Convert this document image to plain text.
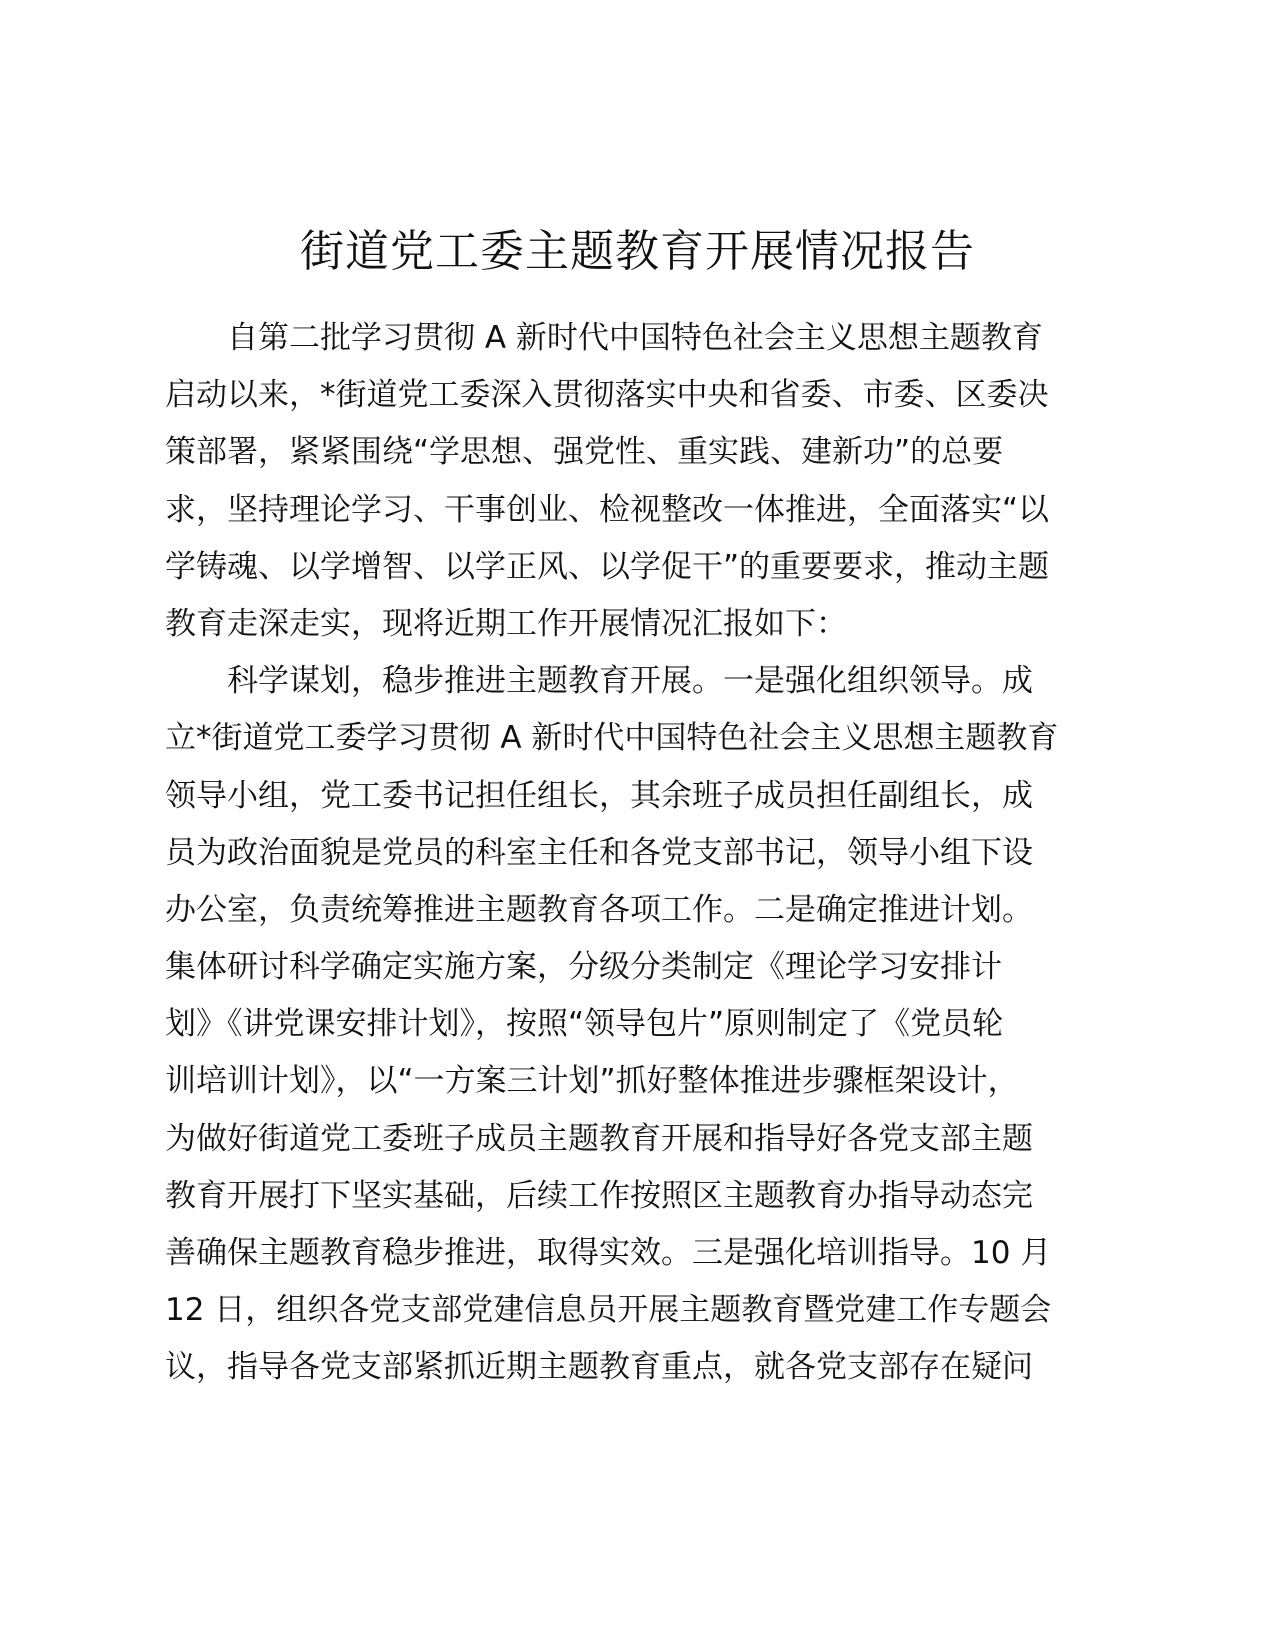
街道党工委主题教育开展情况报告
自第二批学习贯彻 A 新时代中国特色社会主义思想主题教育
启动以来，*街道党工委深入贯彻落实中央和省委、市委、区委决
策部署，紧紧围绕“学思想、强党性、重实践、建新功”的总要
求，坚持理论学习、干事创业、检视整改一体推进，全面落实“以
学铸魂、以学增智、以学正风、以学促干”的重要要求，推动主题
教育走深走实，现将近期工作开展情况汇报如下：
科学谋划，稳步推进主题教育开展。一是强化组织领导。成
立*街道党工委学习贯彻 A 新时代中国特色社会主义思想主题教育
领导小组，党工委书记担任组长，其余班子成员担任副组长，成
员为政治面貌是党员的科室主任和各党支部书记，领导小组下设
办公室，负责统筹推进主题教育各项工作。二是确定推进计划。
集体研讨科学确定实施方案，分级分类制定《理论学习安排计
划》《讲党课安排计划》，按照“领导包片”原则制定了《党员轮
训培训计划》，以“一方案三计划”抓好整体推进步骤框架设计，
为做好街道党工委班子成员主题教育开展和指导好各党支部主题
教育开展打下坚实基础，后续工作按照区主题教育办指导动态完
善确保主题教育稳步推进，取得实效。三是强化培训指导。10 月
12 日，组织各党支部党建信息员开展主题教育暨党建工作专题会
议，指导各党支部紧抓近期主题教育重点，就各党支部存在疑问
